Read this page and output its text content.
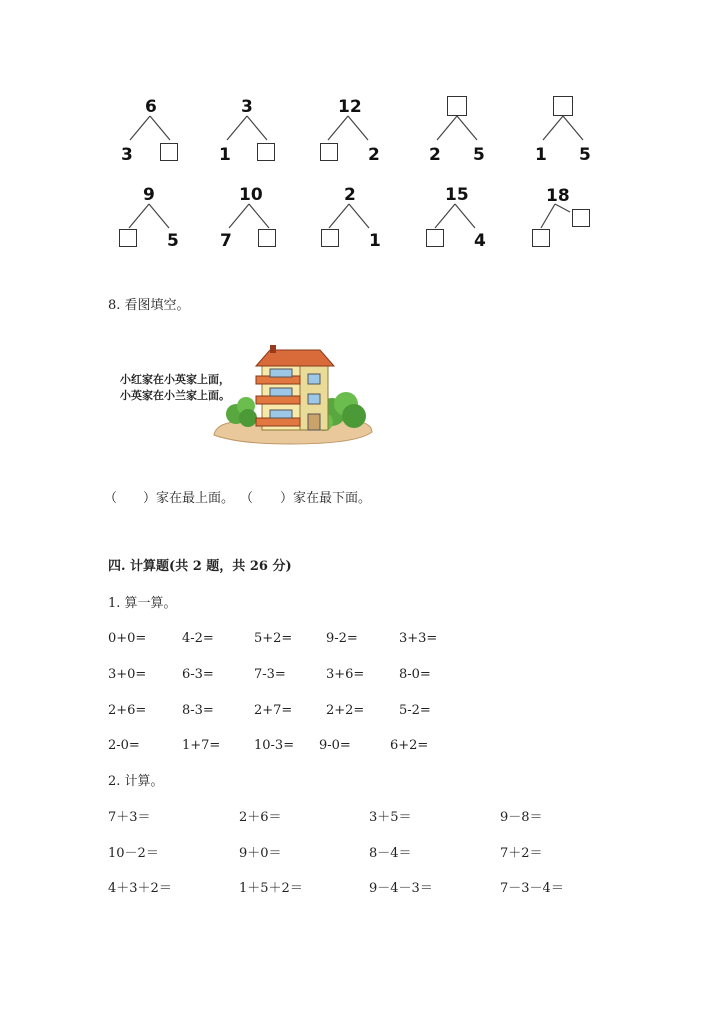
6
3
3
1
12
2	2 5	1 5
9
5
10
7
2
1
15
4
18
8. 看图填空。
小红家在小英家上面，
小英家在小兰家上面。
（ ）家在最上面。 （ ）家在最下面。
四. 计算题(共 2 题，共 26 分)
1. 算一算。
0+0=	4-2=	5+2=	9-2=	3+3=
3+0=	6-3=	7-3=	3+6=	8-0=
2+6=	8-3=	2+7=	2+2=	5-2=
2-0=	1+7=	10-3= 9-0=	6+2=
2. 计算。
7＋3＝	2＋6＝	3＋5＝	9－8＝
10－2＝	9＋0＝	8－4＝	7＋2＝
4＋3＋2＝	1＋5＋2＝	9－4－3＝	7－3－4＝
